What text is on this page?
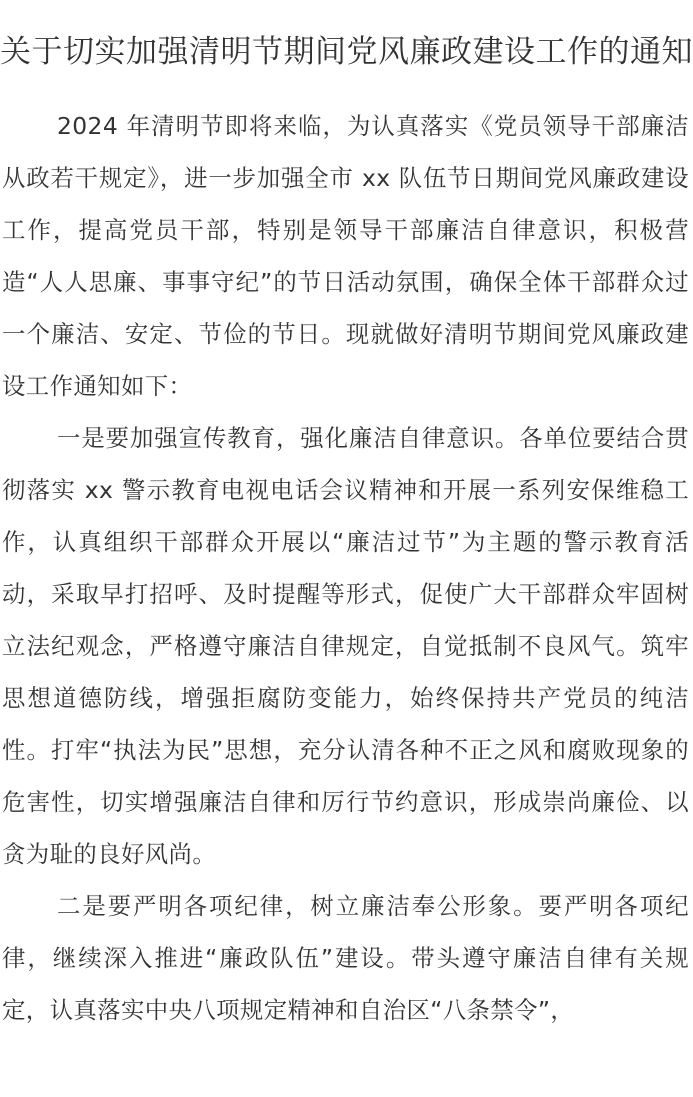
关于切实加强清明节期间党风廉政建设工作的通知

2024 年清明节即将来临，为认真落实《党员领导干部廉洁从政若干规定》，进一步加强全市 xx 队伍节日期间党风廉政建设工作，提高党员干部，特别是领导干部廉洁自律意识，积极营造“人人思廉、事事守纪”的节日活动氛围，确保全体干部群众过一个廉洁、安定、节俭的节日。现就做好清明节期间党风廉政建设工作通知如下：

一是要加强宣传教育，强化廉洁自律意识。各单位要结合贯彻落实 xx 警示教育电视电话会议精神和开展一系列安保维稳工作，认真组织干部群众开展以“廉洁过节”为主题的警示教育活动，采取早打招呼、及时提醒等形式，促使广大干部群众牢固树立法纪观念，严格遵守廉洁自律规定，自觉抵制不良风气。筑牢思想道德防线，增强拒腐防变能力，始终保持共产党员的纯洁性。打牢“执法为民”思想，充分认清各种不正之风和腐败现象的危害性，切实增强廉洁自律和厉行节约意识，形成崇尚廉俭、以贪为耻的良好风尚。

二是要严明各项纪律，树立廉洁奉公形象。要严明各项纪律，继续深入推进“廉政队伍”建设。带头遵守廉洁自律有关规定，认真落实中央八项规定精神和自治区“八条禁令”，
